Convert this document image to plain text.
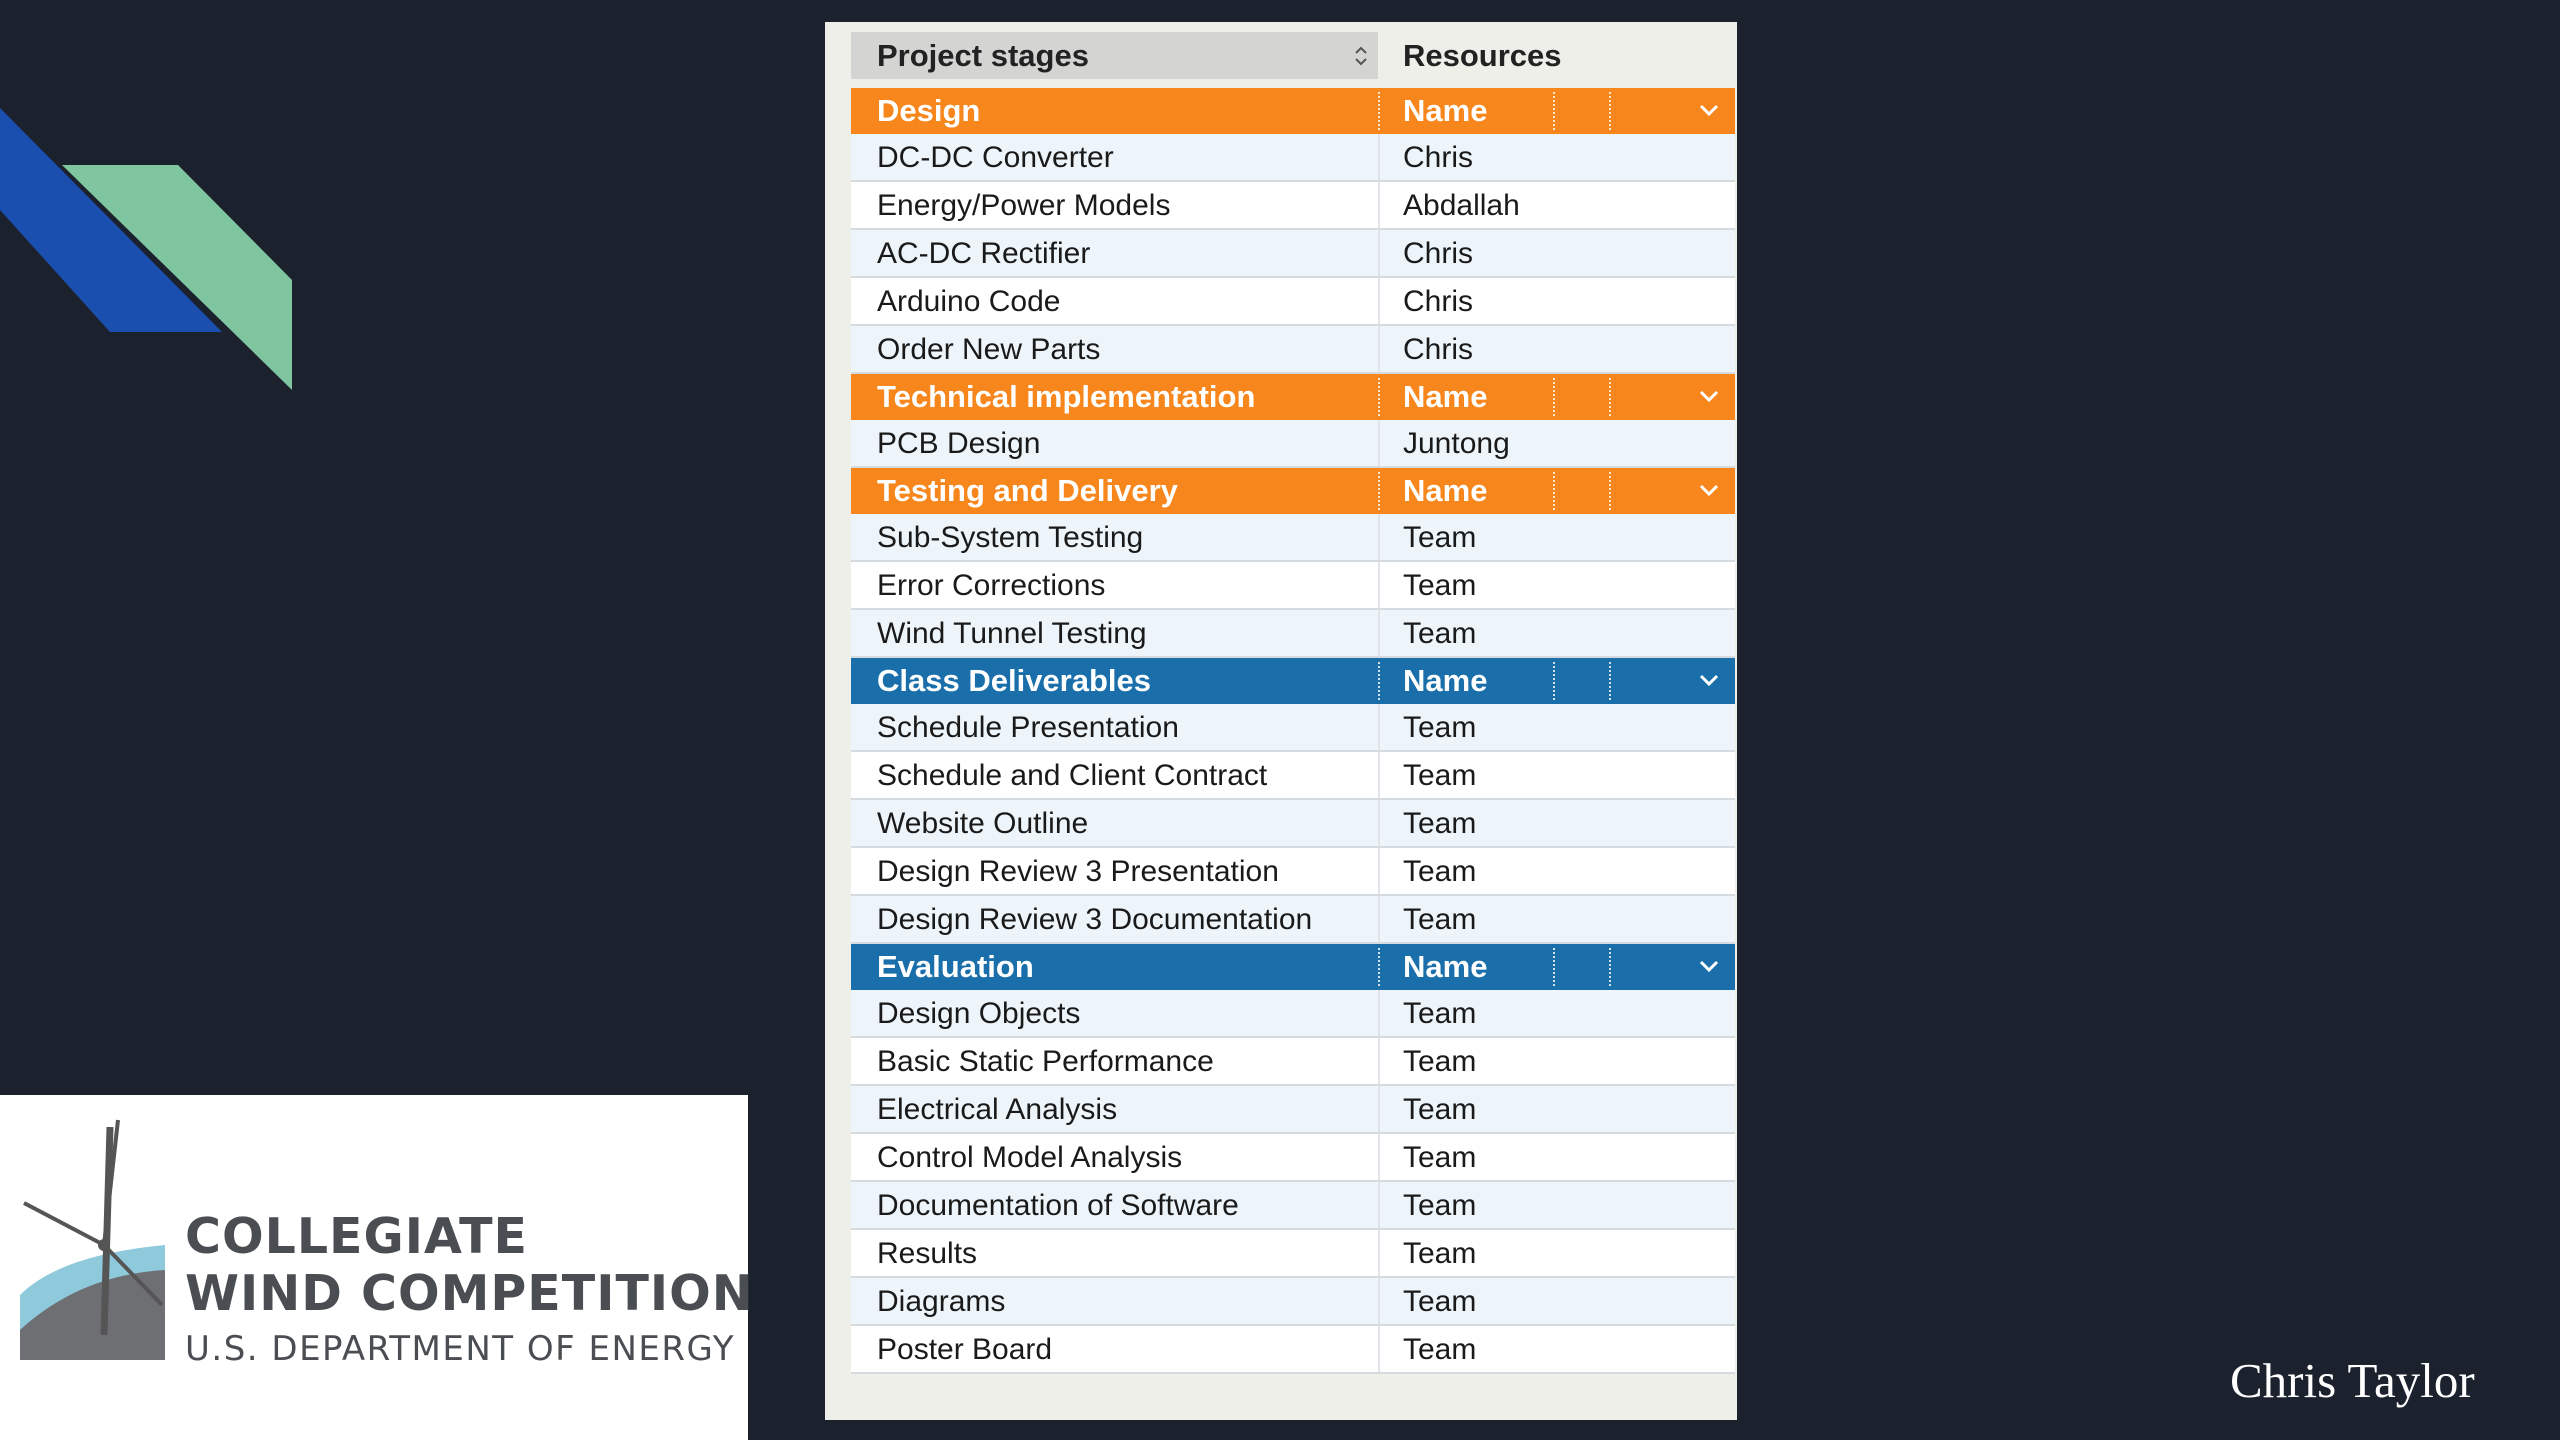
COLLEGIATE
WIND COMPETITION
U.S. DEPARTMENT OF ENERGY
Project stages	Resources
Design	Name
DC-DC Converter	Chris
Energy/Power Models	Abdallah
AC-DC Rectifier	Chris
Arduino Code	Chris
Order New Parts	Chris
Technical implementation	Name
PCB Design	Juntong
Testing and Delivery	Name
Sub-System Testing	Team
Error Corrections	Team
Wind Tunnel Testing	Team
Class Deliverables	Name
Schedule Presentation	Team
Schedule and Client Contract	Team
Website Outline	Team
Design Review 3 Presentation	Team
Design Review 3 Documentation	Team
Evaluation	Name
Design Objects	Team
Basic Static Performance	Team
Electrical Analysis	Team
Control Model Analysis	Team
Documentation of Software	Team
Results	Team
Diagrams	Team
Poster Board	Team
Chris Taylor
